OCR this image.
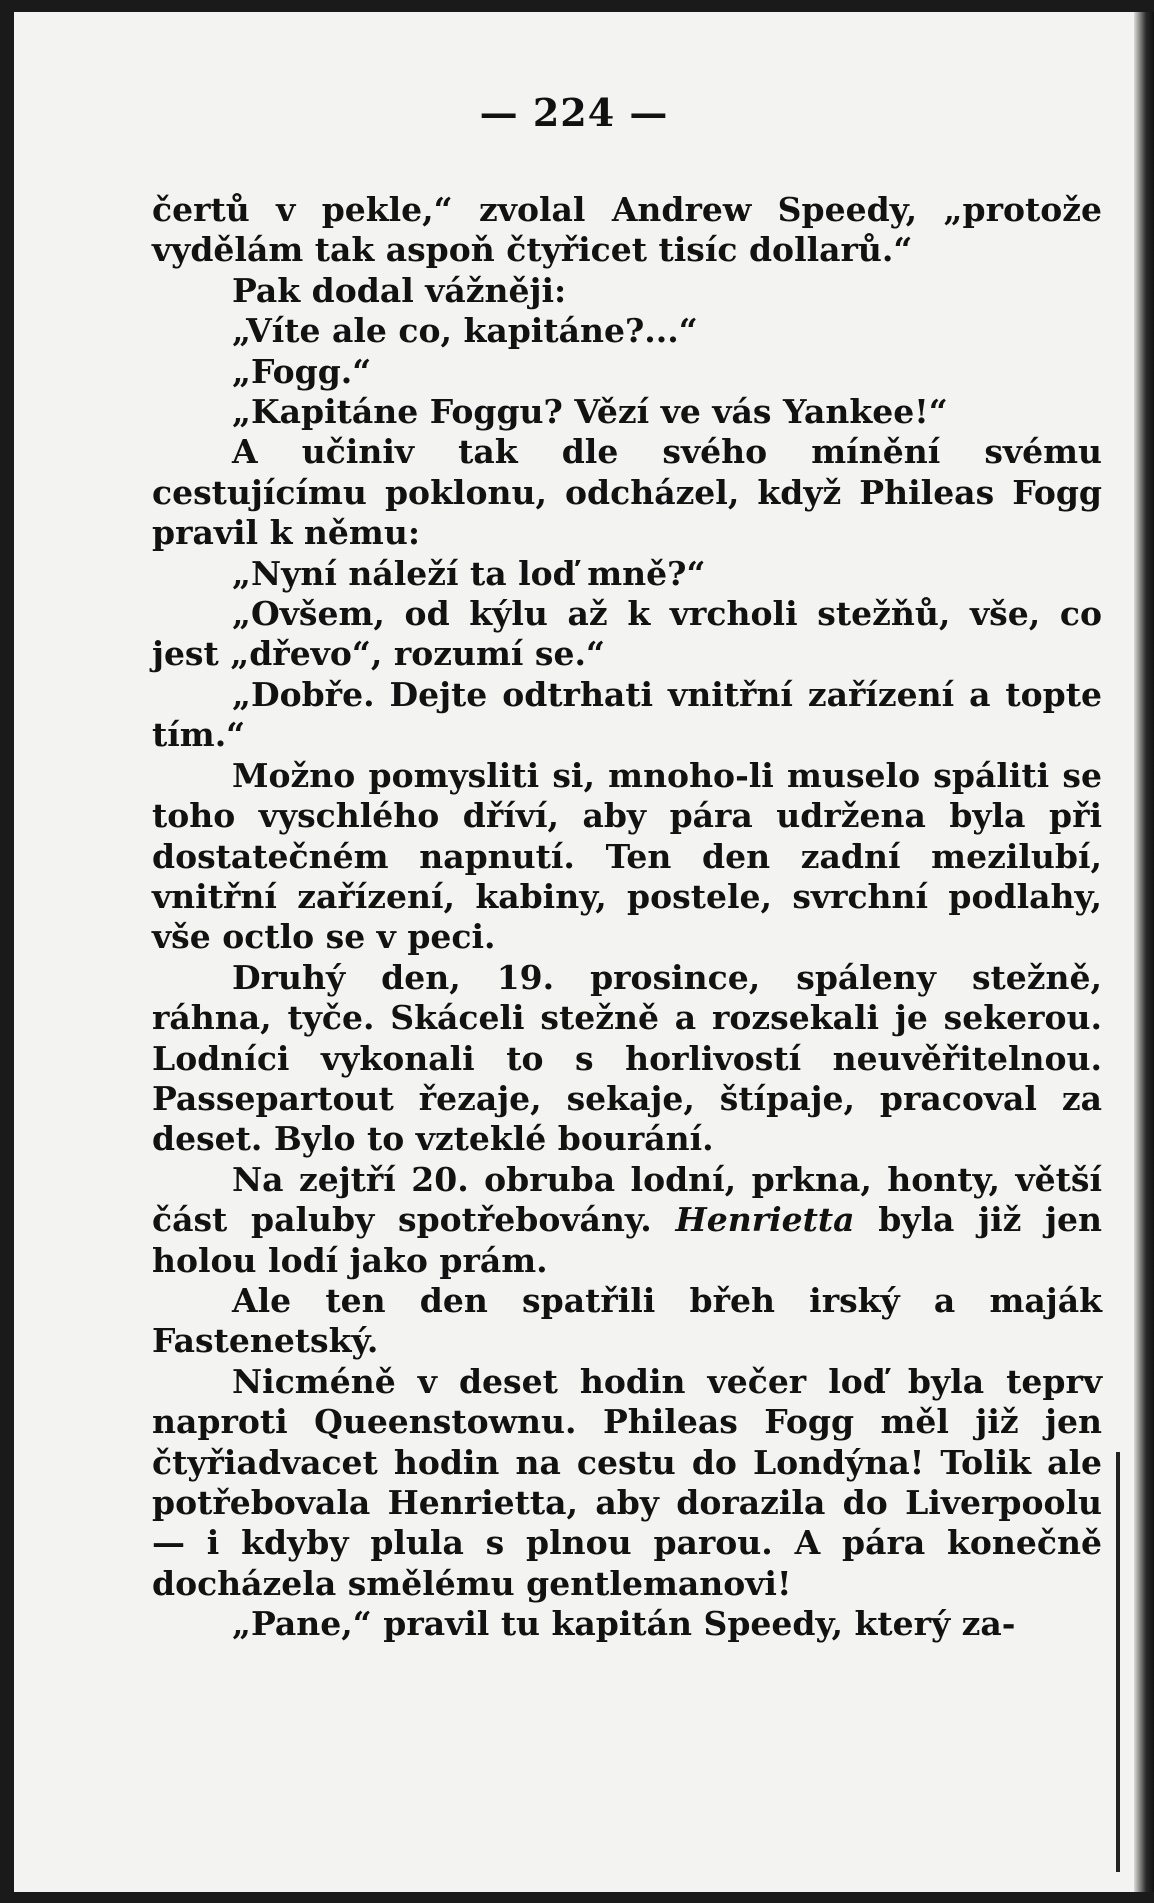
— 224 —

čertů v pekle,“ zvolal Andrew Speedy, „protože vydělám tak aspoň čtyřicet tisíc dollarů.“

Pak dodal vážněji:

„Víte ale co, kapitáne?...“

„Fogg.“

„Kapitáne Foggu? Vězí ve vás Yankee!“

A učiniv tak dle svého mínění svému cestujícímu poklonu, odcházel, když Phileas Fogg pravil k němu:

„Nyní náleží ta loď mně?“

„Ovšem, od kýlu až k vrcholi stežňů, vše, co jest „dřevo“, rozumí se.“

„Dobře. Dejte odtrhati vnitřní zařízení a topte tím.“

Možno pomysliti si, mnoho-li muselo spáliti se toho vyschlého dříví, aby pára udržena byla při dostatečném napnutí. Ten den zadní mezilubí, vnitřní zařízení, kabiny, postele, svrchní podlahy, vše octlo se v peci.

Druhý den, 19. prosince, spáleny stežně, ráhna, tyče. Skáceli stežně a rozsekali je sekerou. Lodníci vykonali to s horlivostí neuvěřitelnou. Passepartout řezaje, sekaje, štípaje, pracoval za deset. Bylo to vzteklé bourání.

Na zejtří 20. obruba lodní, prkna, honty, větší část paluby spotřebovány. Henrietta byla již jen holou lodí jako prám.

Ale ten den spatřili břeh irský a maják Fastenetský.

Nicméně v deset hodin večer loď byla teprv naproti Queenstownu. Phileas Fogg měl již jen čtyřiadvacet hodin na cestu do Londýna! Tolik ale potřebovala Henrietta, aby dorazila do Liverpoolu — i kdyby plula s plnou parou. A pára konečně docházela smělému gentlemanovi!

„Pane,“ pravil tu kapitán Speedy, který za-
